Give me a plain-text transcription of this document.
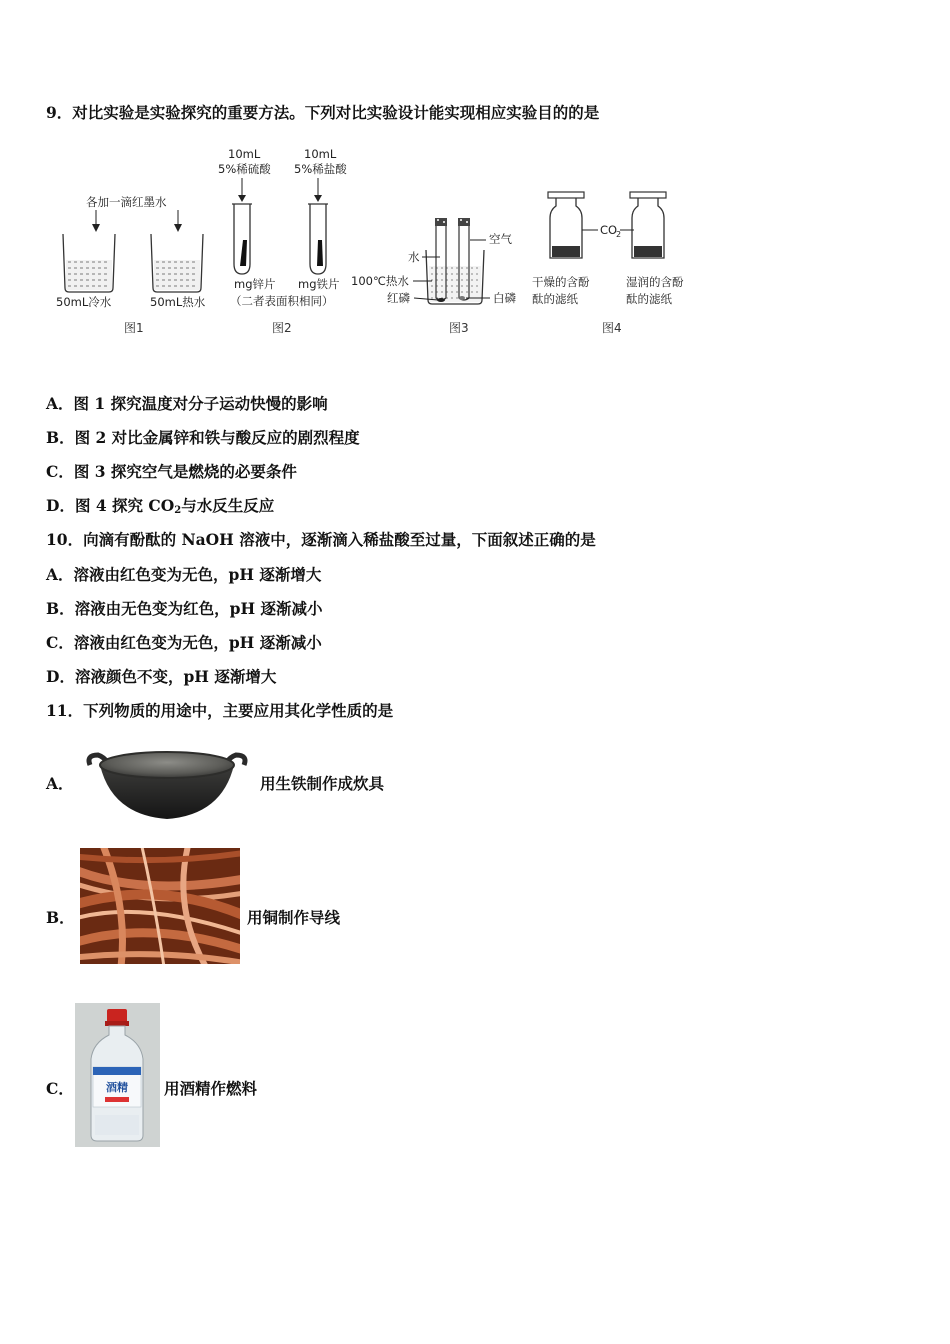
9．对比实验是实验探究的重要方法。下列对比实验设计能实现相应实验目的的是
各加一滴红墨水
50mL冷水	50mL热水
图1
10mL
5%稀硫酸
10mL
5%稀盐酸
mg锌片 mg铁片
（二者表面积相同）
图2
空气
水
100℃热水
红磷	白磷
图3
CO
2
干燥的含酚
酞的滤纸
湿润的含酚
酞的滤纸
图4
A．图 1 探究温度对分子运动快慢的影响
B．图 2 对比金属锌和铁与酸反应的剧烈程度
C．图 3 探究空气是燃烧的必要条件
D．图 4 探究 $CO_2$与水反生反应
10．向滴有酚酞的 NaOH 溶液中，逐渐滴入稀盐酸至过量，下面叙述正确的是
A．溶液由红色变为无色，pH 逐渐增大
B．溶液由无色变为红色，pH 逐渐减小
C．溶液由红色变为无色，pH 逐渐减小
D．溶液颜色不变，pH 逐渐增大
11．下列物质的用途中，主要应用其化学性质的是
A．	用生铁制作成炊具
B．	用铜制作导线
C．	酒精 用酒精作燃料
